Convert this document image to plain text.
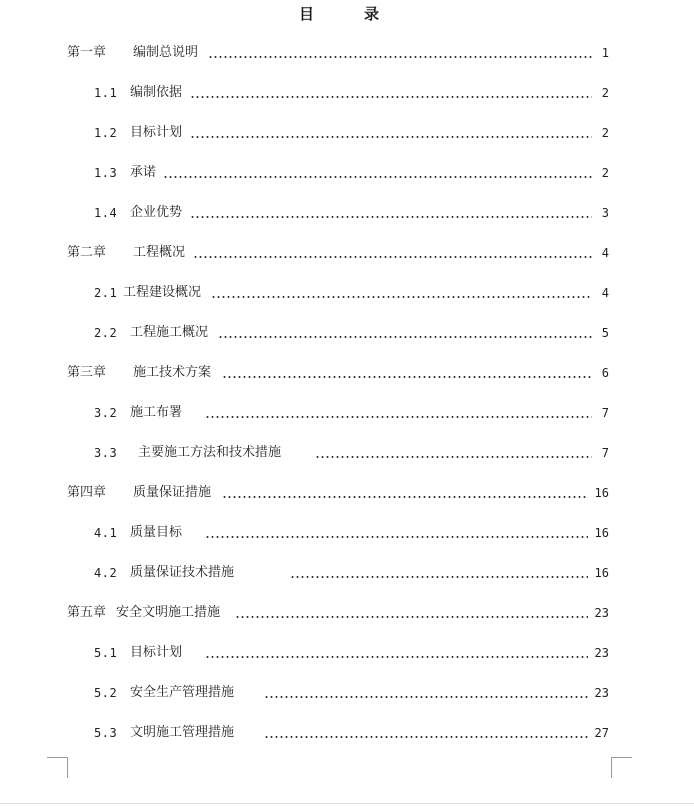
目	录
第一章 编制总说明	1
1.1 编制依据	2
1.2 目标计划	2
1.3 承诺	2
1.4 企业优势	3
第二章 工程概况	4
2.1 工程建设概况	4
2.2 工程施工概况	5
第三章 施工技术方案	6
3.2 施工布署	7
3.3 主要施工方法和技术措施	7
第四章 质量保证措施	16
4.1 质量目标	16
4.2 质量保证技术措施	16
第五章 安全文明施工措施	23
5.1 目标计划	23
5.2 安全生产管理措施	23
5.3 文明施工管理措施	27
